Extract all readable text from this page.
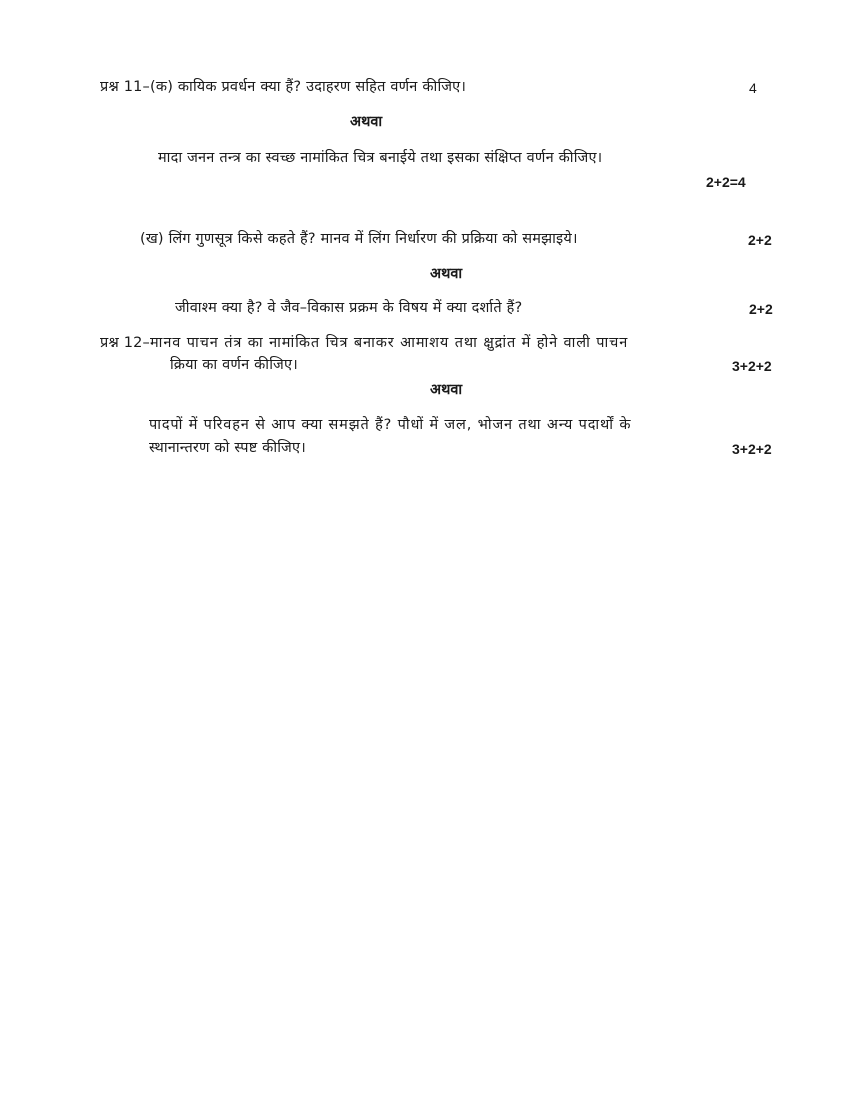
प्रश्न 11–(क) कायिक प्रवर्धन क्या हैं? उदाहरण सहित वर्णन कीजिए।	4
अथवा
मादा जनन तन्त्र का स्वच्छ नामांकित चित्र बनाईये तथा इसका संक्षिप्त वर्णन कीजिए।
2+2=4
(ख) लिंग गुणसूत्र किसे कहते हैं? मानव में लिंग निर्धारण की प्रक्रिया को समझाइये।	2+2
अथवा
जीवाश्म क्या है? वे जैव–विकास प्रक्रम के विषय में क्या दर्शाते हैं?	2+2
प्रश्न 12– मानव पाचन तंत्र का नामांकित चित्र बनाकर आमाशय तथा क्षुद्रांत में होने वाली पाचन
क्रिया का वर्णन कीजिए।	3+2+2
अथवा
पादपों में परिवहन से आप क्या समझते हैं? पौधों में जल, भोजन तथा अन्य पदार्थों के
स्थानान्तरण को स्पष्ट कीजिए।	3+2+2
